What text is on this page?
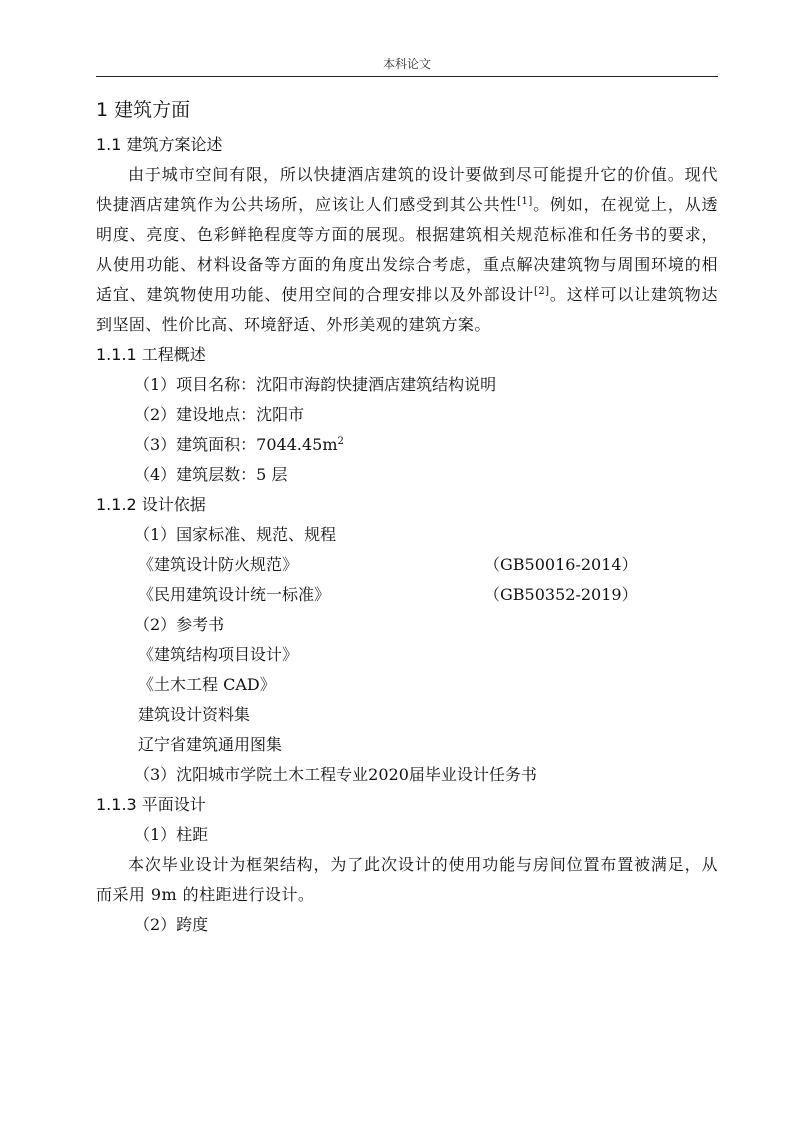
本科论文
1 建筑方面
1.1 建筑方案论述

由于城市空间有限，所以快捷酒店建筑的设计要做到尽可能提升它的价值。现代快捷酒店建筑作为公共场所，应该让人们感受到其公共性[1]。例如，在视觉上，从透明度、亮度、色彩鲜艳程度等方面的展现。根据建筑相关规范标准和任务书的要求，从使用功能、材料设备等方面的角度出发综合考虑，重点解决建筑物与周围环境的相适宜、建筑物使用功能、使用空间的合理安排以及外部设计[2]。这样可以让建筑物达到坚固、性价比高、环境舒适、外形美观的建筑方案。

1.1.1 工程概述
（1）项目名称：沈阳市海韵快捷酒店建筑结构说明
（2）建设地点：沈阳市
（3）建筑面积：$7044.45m^2$
（4）建筑层数：5 层
1.1.2 设计依据
（1）国家标准、规范、规程
《建筑设计防火规范》	（GB50016-2014）
《民用建筑设计统一标准》	（GB50352-2019）
（2）参考书
《建筑结构项目设计》
《土木工程 CAD》
建筑设计资料集
辽宁省建筑通用图集
（3）沈阳城市学院土木工程专业2020届毕业设计任务书
1.1.3 平面设计
（1）柱距

本次毕业设计为框架结构，为了此次设计的使用功能与房间位置布置被满足，从而采用 9m 的柱距进行设计。

（2）跨度
